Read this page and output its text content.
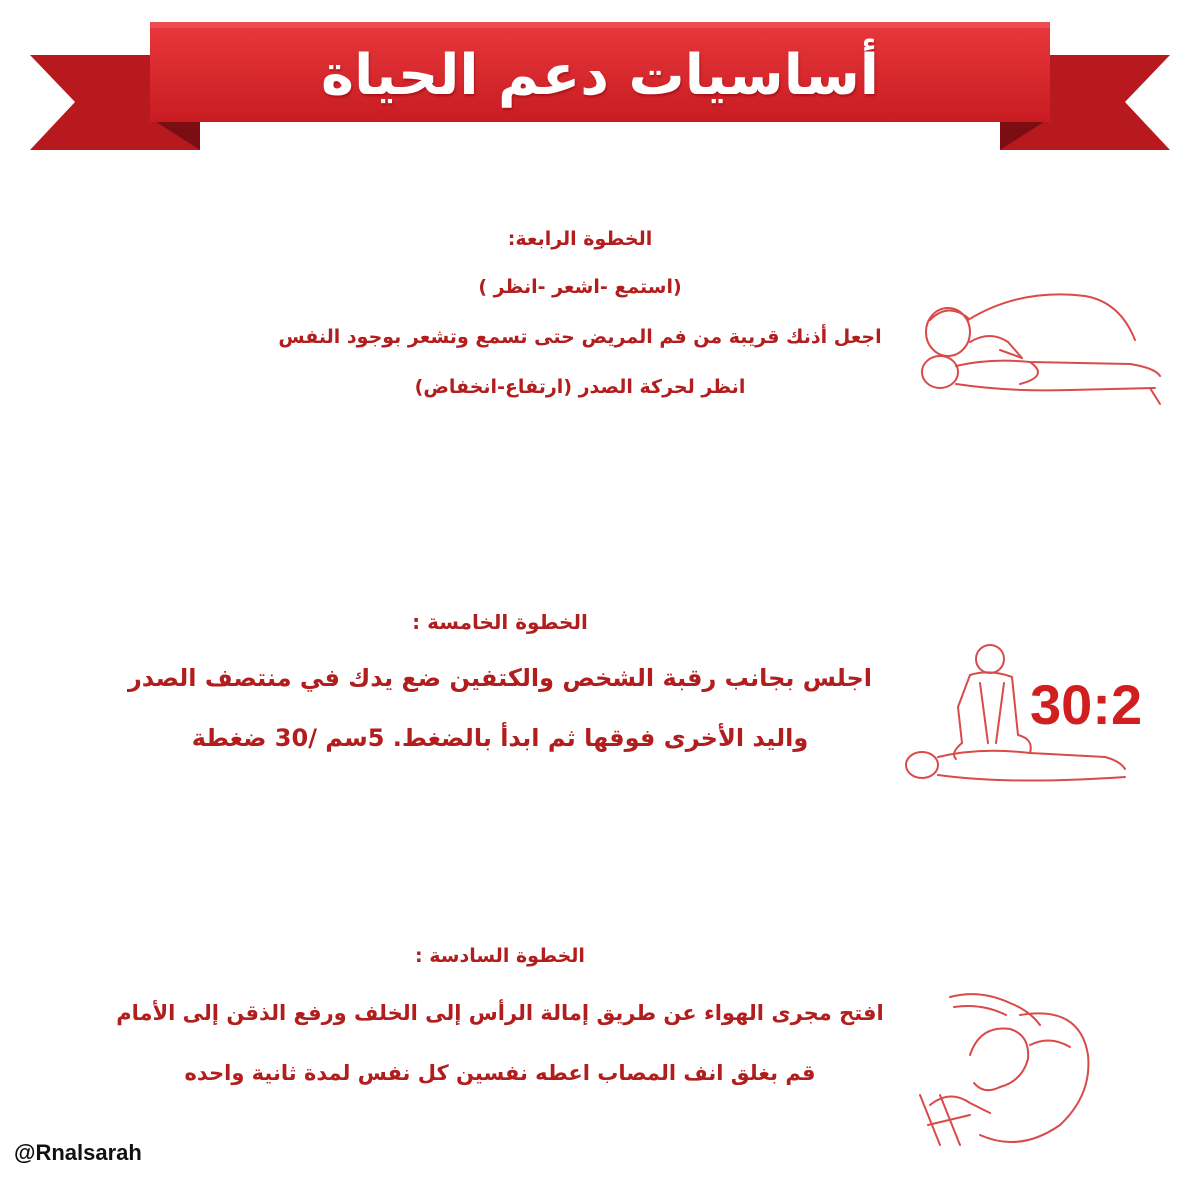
أساسيات دعم الحياة
الخطوة الرابعة:
(استمع -اشعر -انظر )
اجعل أذنك قريبة من فم المريض حتى تسمع وتشعر بوجود النفس
انظر لحركة الصدر (ارتفاع-انخفاض)
الخطوة الخامسة :
اجلس بجانب رقبة الشخص والكتفين ضع يدك في منتصف الصدر
واليد الأخرى فوقها ثم ابدأ بالضغط. 5سم /30 ضغطة
30:2
الخطوة السادسة :
افتح مجرى الهواء عن طريق إمالة الرأس إلى الخلف ورفع الذقن إلى الأمام
قم بغلق انف المصاب اعطه نفسين كل نفس لمدة ثانية واحده
@Rnalsarah
